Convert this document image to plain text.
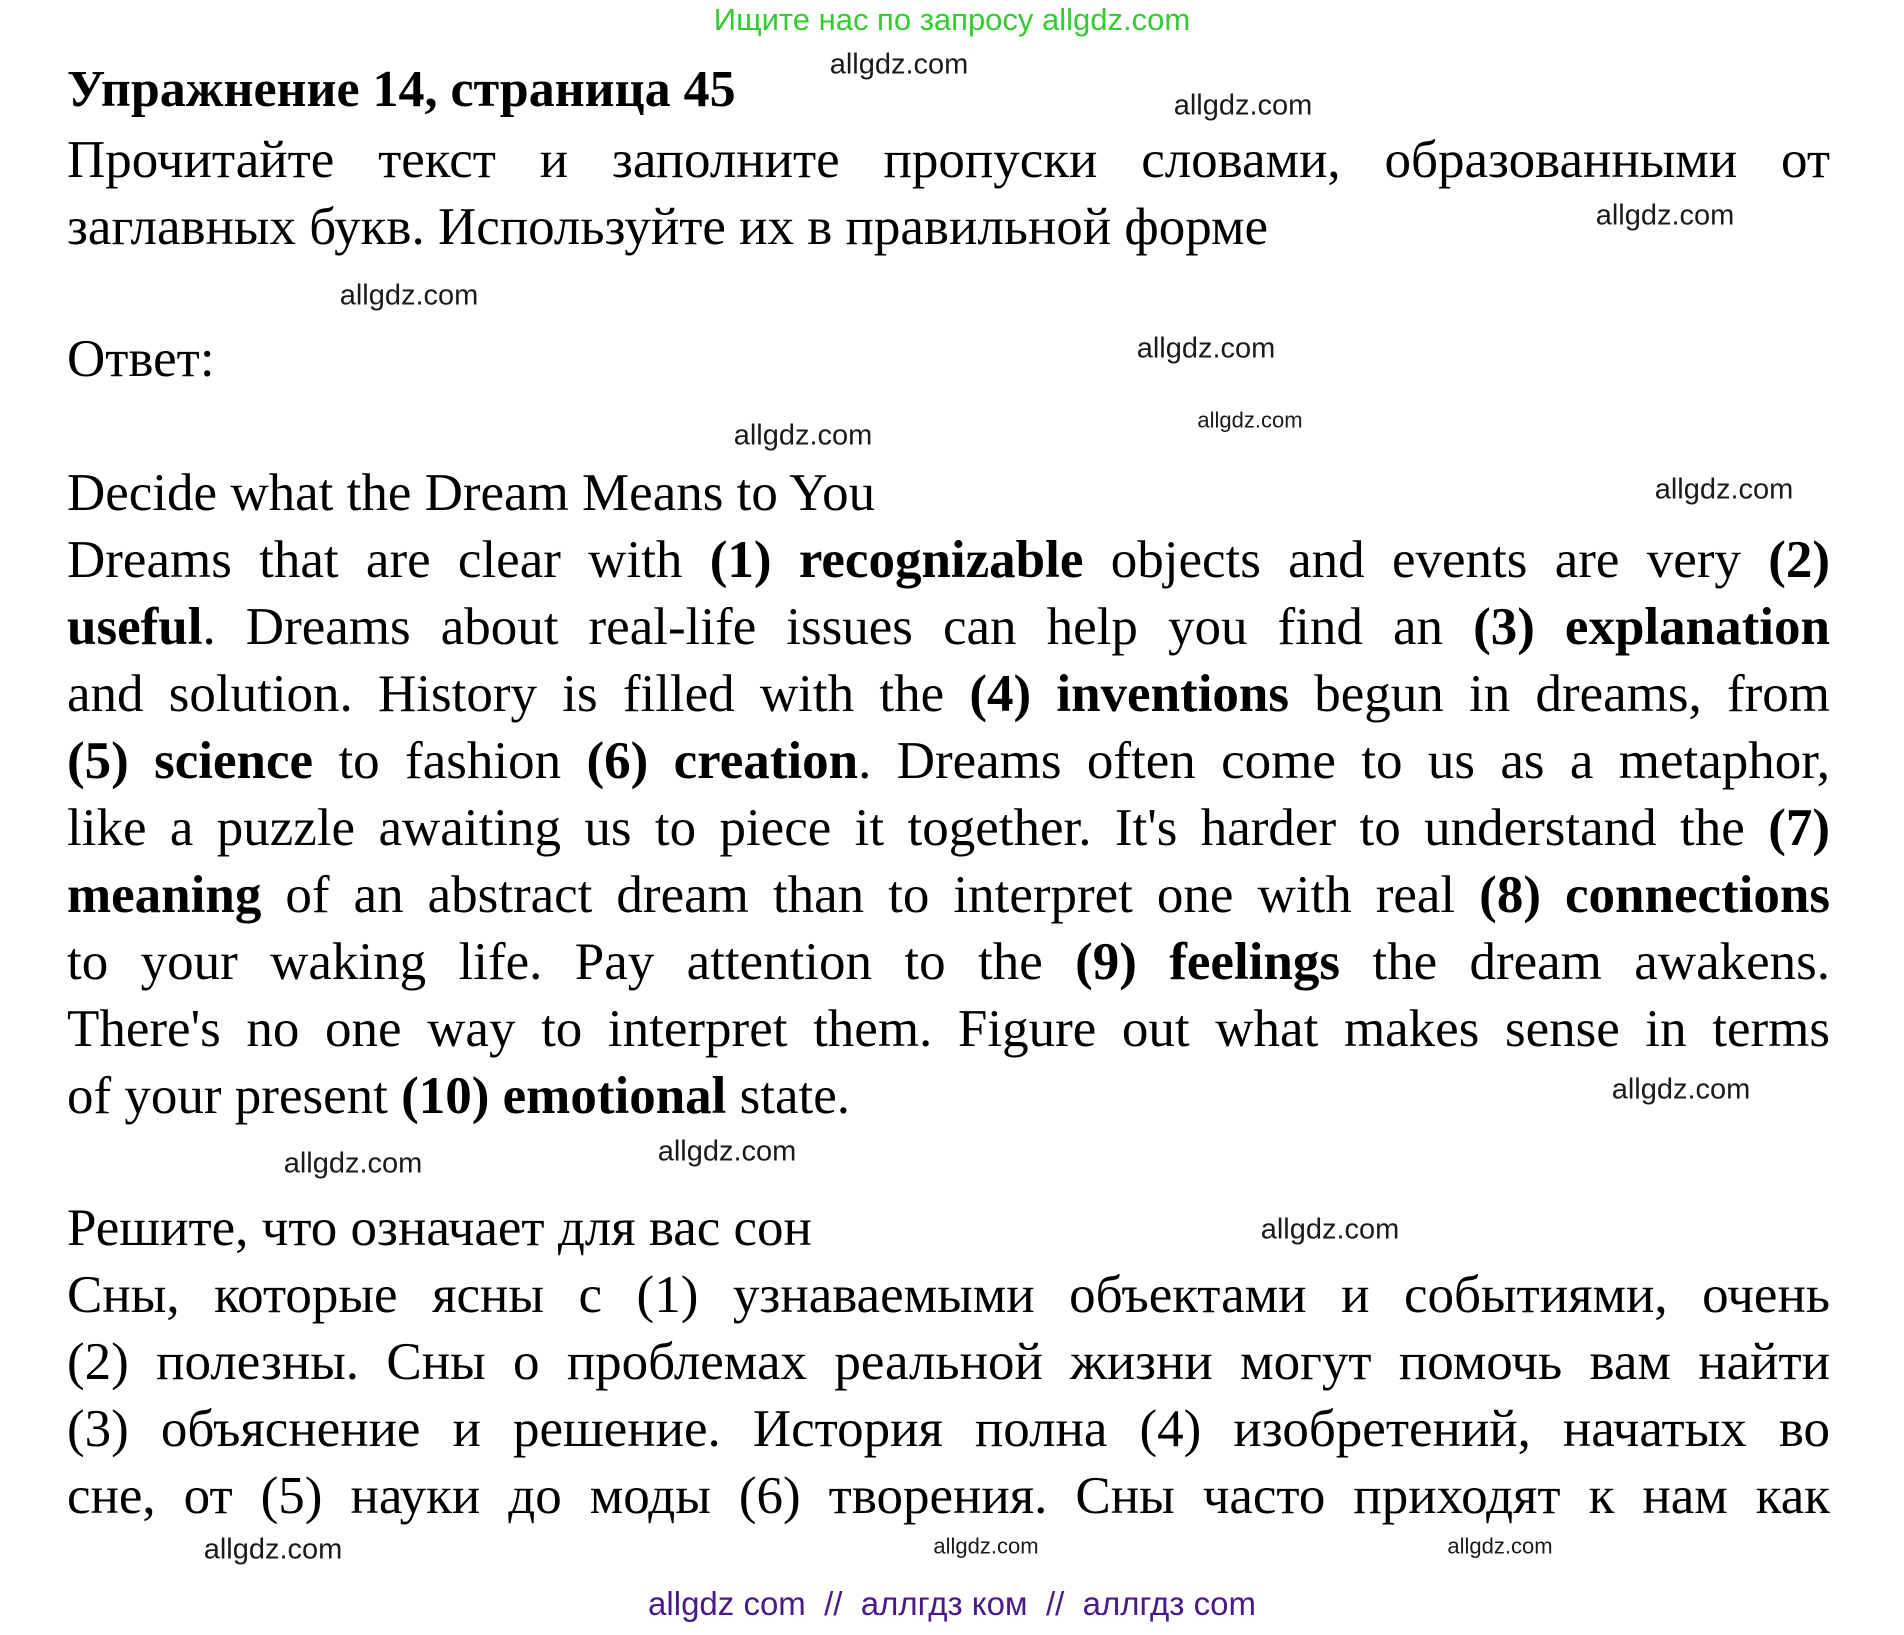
Ищите нас по запросу allgdz.com
Упражнение 14, страница 45
Прочитайте текст и заполните пропуски словами, образованными от
заглавных букв. Используйте их в правильной форме
Ответ:
Decide what the Dream Means to You
Dreams that are clear with (1) recognizable objects and events are very (2)
useful. Dreams about real-life issues can help you find an (3) explanation
and solution. History is filled with the (4) inventions begun in dreams, from
(5) science to fashion (6) creation. Dreams often come to us as a metaphor,
like a puzzle awaiting us to piece it together. It's harder to understand the (7)
meaning of an abstract dream than to interpret one with real (8) connections
to your waking life. Pay attention to the (9) feelings the dream awakens.
There's no one way to interpret them. Figure out what makes sense in terms
of your present (10) emotional state.
Решите, что означает для вас сон
Сны, которые ясны с (1) узнаваемыми объектами и событиями, очень
(2) полезны. Сны о проблемах реальной жизни могут помочь вам найти
(3) объяснение и решение. История полна (4) изобретений, начатых во
сне, от (5) науки до моды (6) творения. Сны часто приходят к нам как
allgdz.com
allgdz.com
allgdz.com
allgdz.com
allgdz.com
allgdz.com
allgdz.com
allgdz.com
allgdz.com
allgdz.com
allgdz.com
allgdz.com
allgdz.com	allgdz.com
allgdz.com
allgdz com  //  аллгдз ком  //  аллгдз com
